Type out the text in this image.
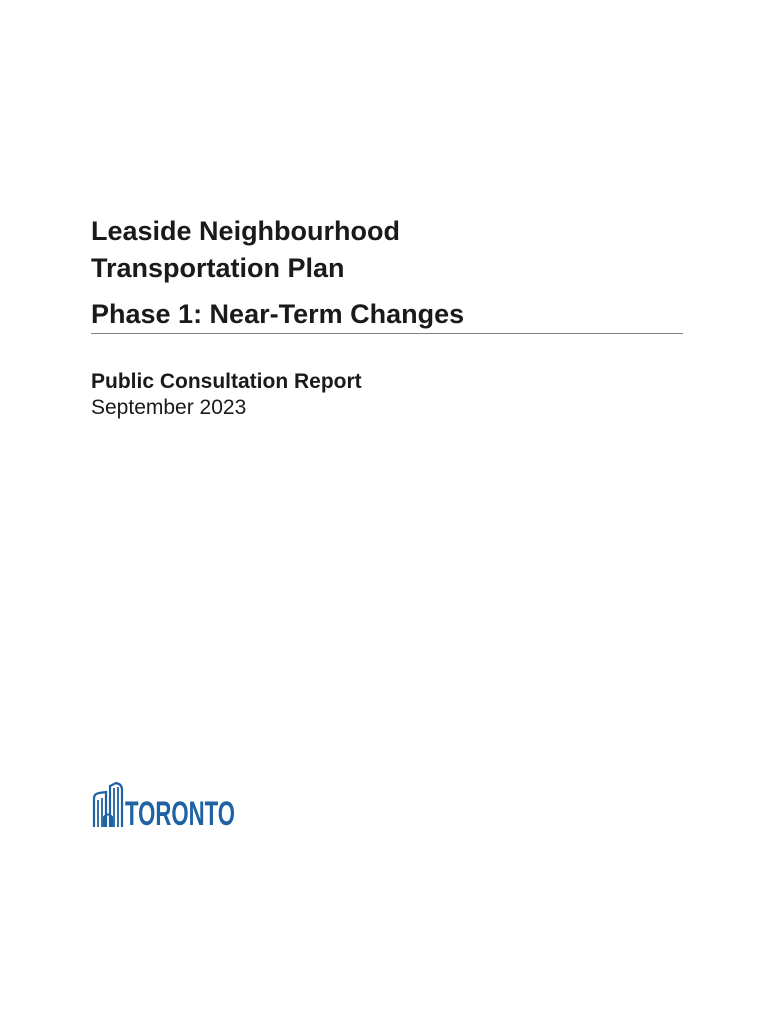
Leaside Neighbourhood
Transportation Plan
Phase 1: Near-Term Changes
Public Consultation Report
September 2023
TORONTO
